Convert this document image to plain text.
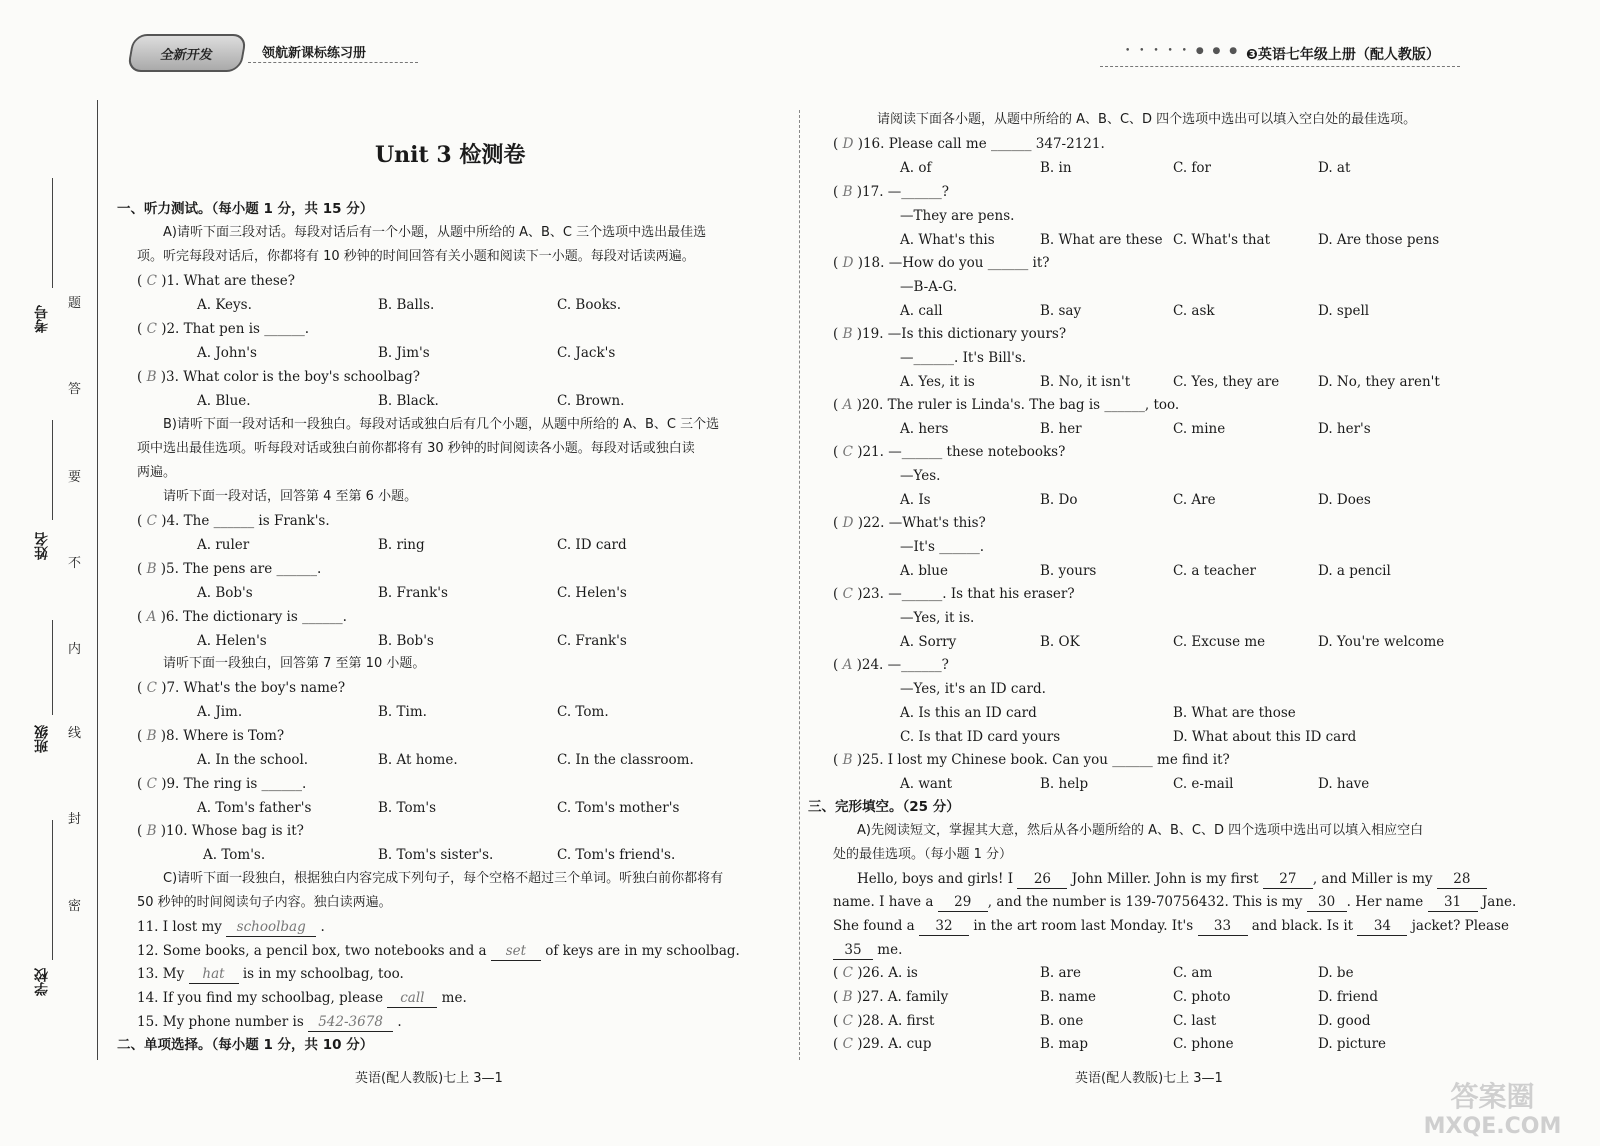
全新开发	领航新课标练习册	• • • • • ● ● ● ❸英语七年级上册（配人教版）
考号
姓名
班级
学校
题
答
要
不
内
线
封
密
Unit 3 检测卷
一、听力测试。（每小题 1 分，共 15 分）
A)请听下面三段对话。每段对话后有一个小题，从题中所给的 A、B、C 三个选项中选出最佳选
项。听完每段对话后，你都将有 10 秒钟的时间回答有关小题和阅读下一小题。每段对话读两遍。
( C )1. What are these?
A. Keys.	B. Balls.	C. Books.
( C )2. That pen is ______.
A. John's	B. Jim's	C. Jack's
( B )3. What color is the boy's schoolbag?
A. Blue.	B. Black.	C. Brown.
B)请听下面一段对话和一段独白。每段对话或独白后有几个小题，从题中所给的 A、B、C 三个选
项中选出最佳选项。听每段对话或独白前你都将有 30 秒钟的时间阅读各小题。每段对话或独白读
两遍。
请听下面一段对话，回答第 4 至第 6 小题。
( C )4. The ______ is Frank's.
A. ruler	B. ring	C. ID card
( B )5. The pens are ______.
A. Bob's	B. Frank's	C. Helen's
( A )6. The dictionary is ______.
A. Helen's	B. Bob's	C. Frank's
请听下面一段独白，回答第 7 至第 10 小题。
( C )7. What's the boy's name?
A. Jim.	B. Tim.	C. Tom.
( B )8. Where is Tom?
A. In the school.	B. At home.	C. In the classroom.
( C )9. The ring is ______.
A. Tom's father's	B. Tom's	C. Tom's mother's
( B )10. Whose bag is it?
A. Tom's.	B. Tom's sister's.	C. Tom's friend's.
C)请听下面一段独白，根据独白内容完成下列句子，每个空格不超过三个单词。听独白前你都将有
50 秒钟的时间阅读句子内容。独白读两遍。
11. I lost my schoolbag .
12. Some books, a pencil box, two notebooks and a set of keys are in my schoolbag.
13. My hat is in my schoolbag, too.
14. If you find my schoolbag, please call me.
15. My phone number is 542-3678 .
二、单项选择。（每小题 1 分，共 10 分）
英语(配人教版)七上 3—1
请阅读下面各小题，从题中所给的 A、B、C、D 四个选项中选出可以填入空白处的最佳选项。
( D )16. Please call me ______ 347-2121.
A. of	B. in	C. for	D. at
( B )17. —______?
—They are pens.
A. What's this	B. What are these C. What's that	D. Are those pens
( D )18. —How do you ______ it?
—B-A-G.
A. call	B. say	C. ask	D. spell
( B )19. —Is this dictionary yours?
—______. It's Bill's.
A. Yes, it is	B. No, it isn't	C. Yes, they are	D. No, they aren't
( A )20. The ruler is Linda's. The bag is ______, too.
A. hers	B. her	C. mine	D. her's
( C )21. —______ these notebooks?
—Yes.
A. Is	B. Do	C. Are	D. Does
( D )22. —What's this?
—It's ______.
A. blue	B. yours	C. a teacher	D. a pencil
( C )23. —______. Is that his eraser?
—Yes, it is.
A. Sorry	B. OK	C. Excuse me	D. You're welcome
( A )24. —______?
—Yes, it's an ID card.
A. Is this an ID card	B. What are those
C. Is that ID card yours	D. What about this ID card
( B )25. I lost my Chinese book. Can you ______ me find it?
A. want	B. help	C. e-mail	D. have
三、完形填空。（25 分）
A)先阅读短文，掌握其大意，然后从各小题所给的 A、B、C、D 四个选项中选出可以填入相应空白
处的最佳选项。（每小题 1 分）
Hello, boys and girls! I 26 John Miller. John is my first 27 , and Miller is my 28
name. I have a 29 , and the number is 139-70756432. This is my 30 . Her name 31 Jane.
She found a 32 in the art room last Monday. It's 33 and black. Is it 34 jacket? Please
35 me.
( C )26. A. is	B. are	C. am	D. be
( B )27. A. family	B. name	C. photo	D. friend
( C )28. A. first	B. one	C. last	D. good
( C )29. A. cup	B. map	C. phone	D. picture
英语(配人教版)七上 3—1
答案圈
MXQE.COM
